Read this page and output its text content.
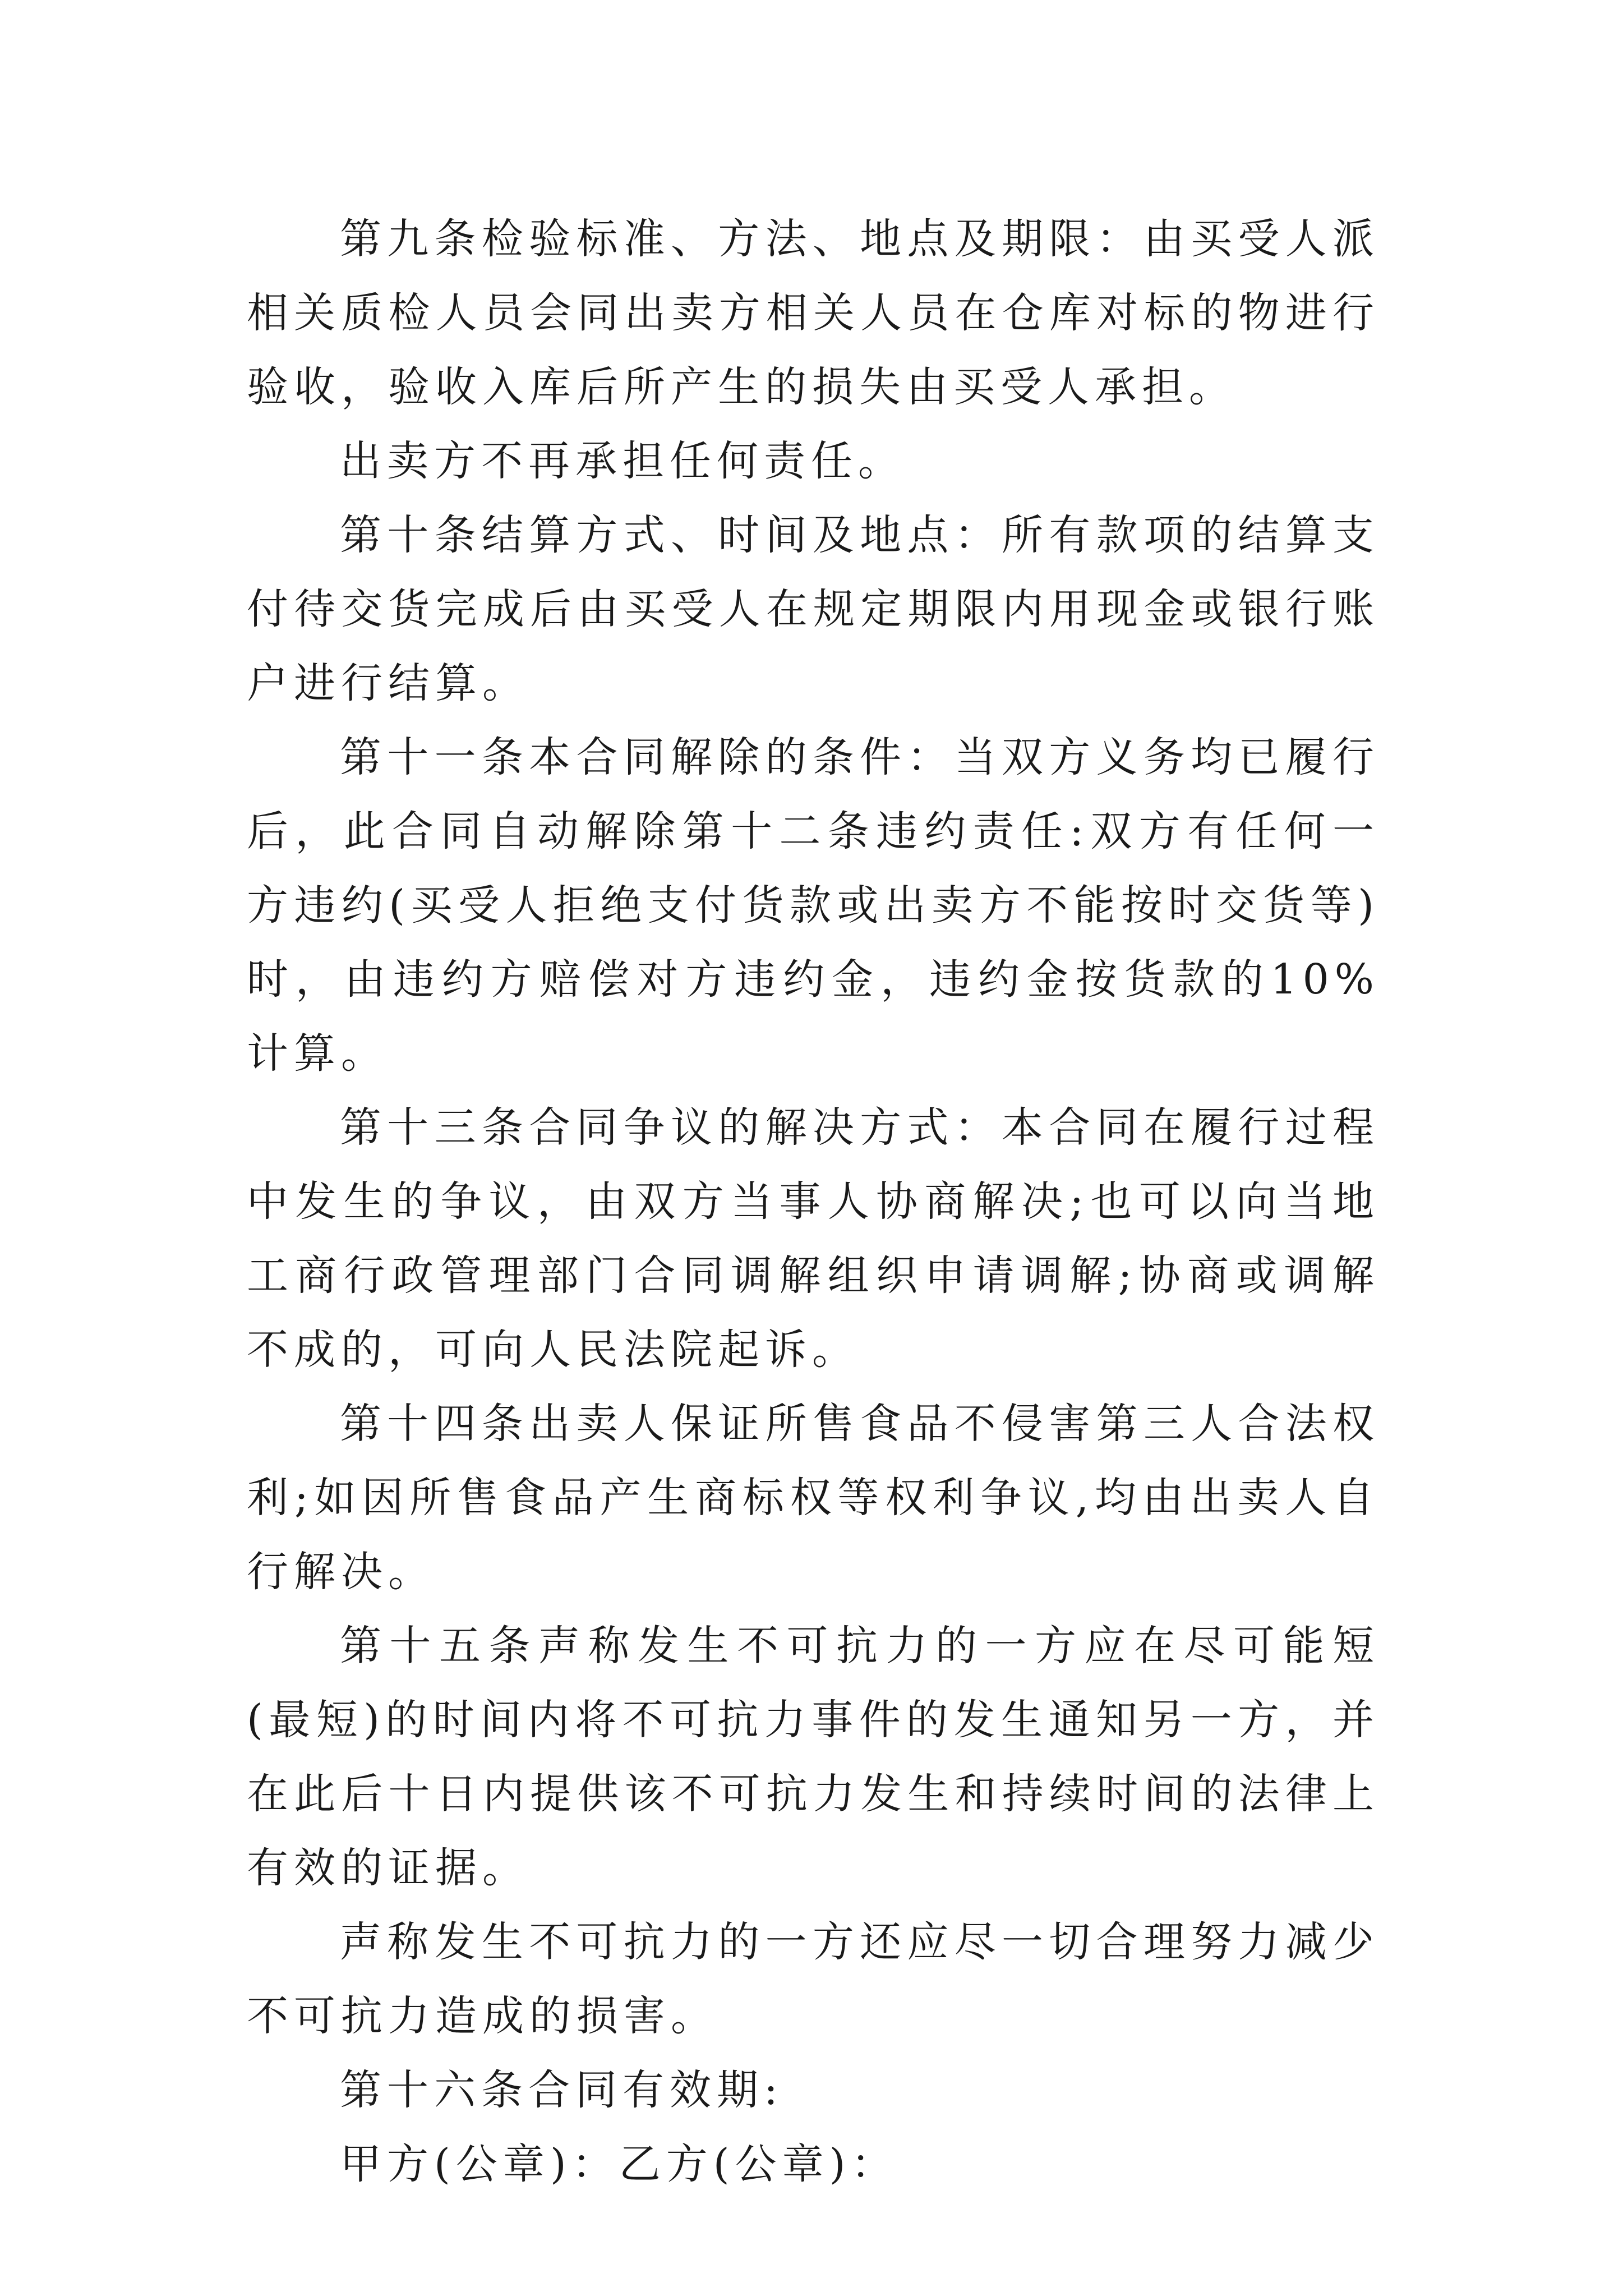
第九条检验标准、方法、地点及期限：由买受人派相关质检人员会同出卖方相关人员在仓库对标的物进行验收，验收入库后所产生的损失由买受人承担。

出卖方不再承担任何责任。

第十条结算方式、时间及地点：所有款项的结算支付待交货完成后由买受人在规定期限内用现金或银行账户进行结算。

第十一条本合同解除的条件：当双方义务均已履行后，此合同自动解除第十二条违约责任:双方有任何一方违约(买受人拒绝支付货款或出卖方不能按时交货等)时，由违约方赔偿对方违约金，违约金按货款的10%计算。

第十三条合同争议的解决方式：本合同在履行过程中发生的争议，由双方当事人协商解决;也可以向当地工商行政管理部门合同调解组织申请调解;协商或调解不成的，可向人民法院起诉。

第十四条出卖人保证所售食品不侵害第三人合法权利;如因所售食品产生商标权等权利争议,均由出卖人自行解决。

第十五条声称发生不可抗力的一方应在尽可能短(最短)的时间内将不可抗力事件的发生通知另一方，并在此后十日内提供该不可抗力发生和持续时间的法律上有效的证据。

声称发生不可抗力的一方还应尽一切合理努力减少不可抗力造成的损害。

第十六条合同有效期:

甲方(公章)：乙方(公章)：
